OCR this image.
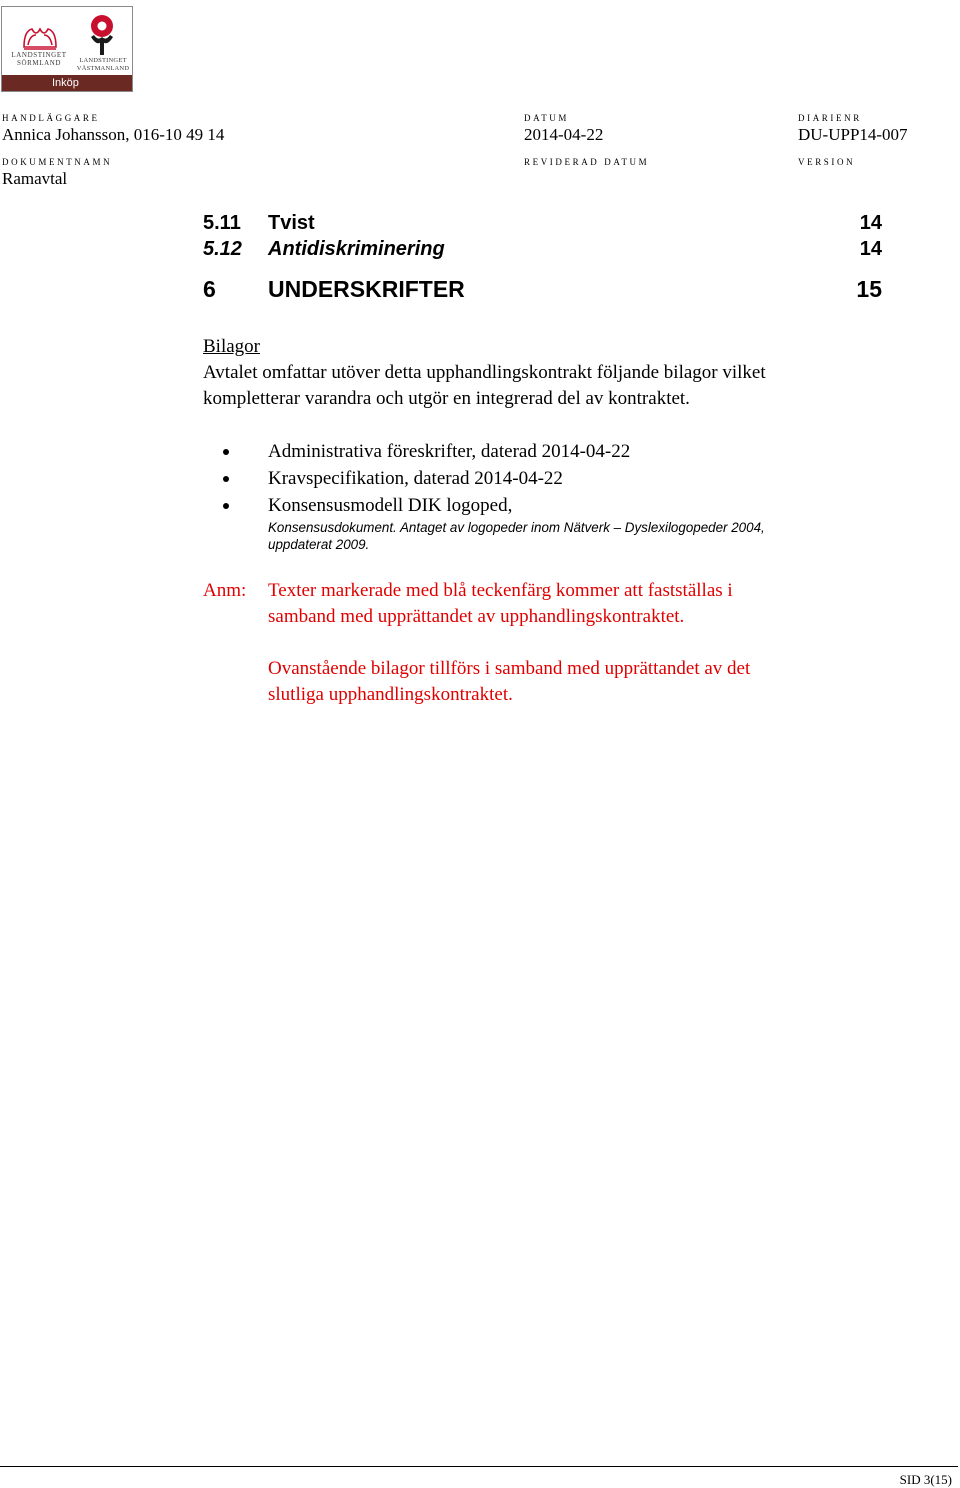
LANDSTINGET
SÖRMLAND	LANDSTINGET
VÄSTMANLAND
Inköp
HANDLÄGGARE
Annica Johansson, 016-10 49 14
DATUM
2014-04-22
DIARIENR
DU-UPP14-007
DOKUMENTNAMN
Ramavtal
REVIDERAD DATUM	VERSION
5.11 Tvist	14
5.12 Antidiskriminering	14
6 UNDERSKRIFTER	15
Bilagor
Avtalet omfattar utöver detta upphandlingskontrakt följande bilagor vilket
kompletterar varandra och utgör en integrerad del av kontraktet.
Administrativa föreskrifter, daterad 2014-04-22
Kravspecifikation, daterad 2014-04-22
Konsensusmodell DIK logoped,
Konsensusdokument. Antaget av logopeder inom Nätverk – Dyslexilogopeder 2004,
uppdaterat 2009.
Anm: Texter markerade med blå teckenfärg kommer att fastställas i
samband med upprättandet av upphandlingskontraktet.
Ovanstående bilagor tillförs i samband med upprättandet av det
slutliga upphandlingskontraktet.
SID 3(15)
